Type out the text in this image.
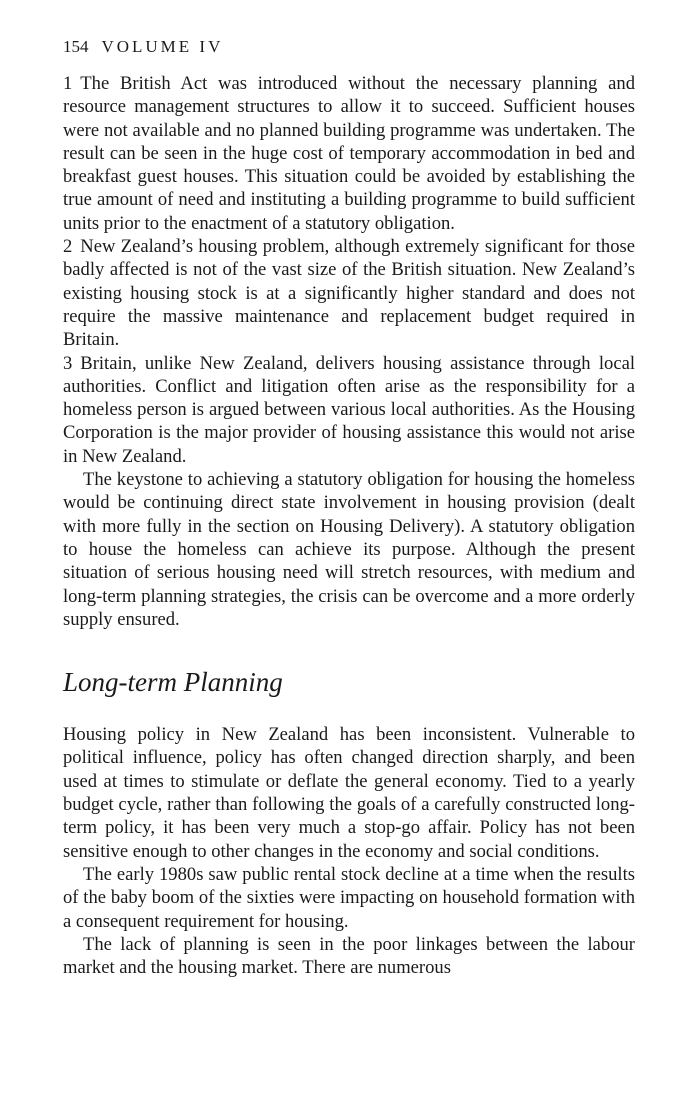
154 VOLUME IV

1 The British Act was introduced without the necessary planning and resource management structures to allow it to succeed. Sufficient houses were not available and no planned building programme was undertaken. The result can be seen in the huge cost of temporary accommodation in bed and breakfast guest houses. This situation could be avoided by establishing the true amount of need and instituting a building programme to build sufficient units prior to the enactment of a statutory obligation.

2 New Zealand’s housing problem, although extremely significant for those badly affected is not of the vast size of the British situation. New Zealand’s existing housing stock is at a significantly higher standard and does not require the massive maintenance and replacement budget required in Britain.

3 Britain, unlike New Zealand, delivers housing assistance through local authorities. Conflict and litigation often arise as the responsibility for a homeless person is argued between various local authorities. As the Housing Corporation is the major provider of housing assistance this would not arise in New Zealand.

The keystone to achieving a statutory obligation for housing the homeless would be continuing direct state involvement in housing provision (dealt with more fully in the section on Housing Delivery). A statutory obligation to house the homeless can achieve its purpose. Although the present situation of serious housing need will stretch resources, with medium and long-term planning strategies, the crisis can be overcome and a more orderly supply ensured.

Long-term Planning

Housing policy in New Zealand has been inconsistent. Vulnerable to political influence, policy has often changed direction sharply, and been used at times to stimulate or deflate the general economy. Tied to a yearly budget cycle, rather than following the goals of a carefully constructed long-term policy, it has been very much a stop-go affair. Policy has not been sensitive enough to other changes in the economy and social conditions.

The early 1980s saw public rental stock decline at a time when the results of the baby boom of the sixties were impacting on household formation with a consequent requirement for housing.

The lack of planning is seen in the poor linkages between the labour market and the housing market. There are numerous
